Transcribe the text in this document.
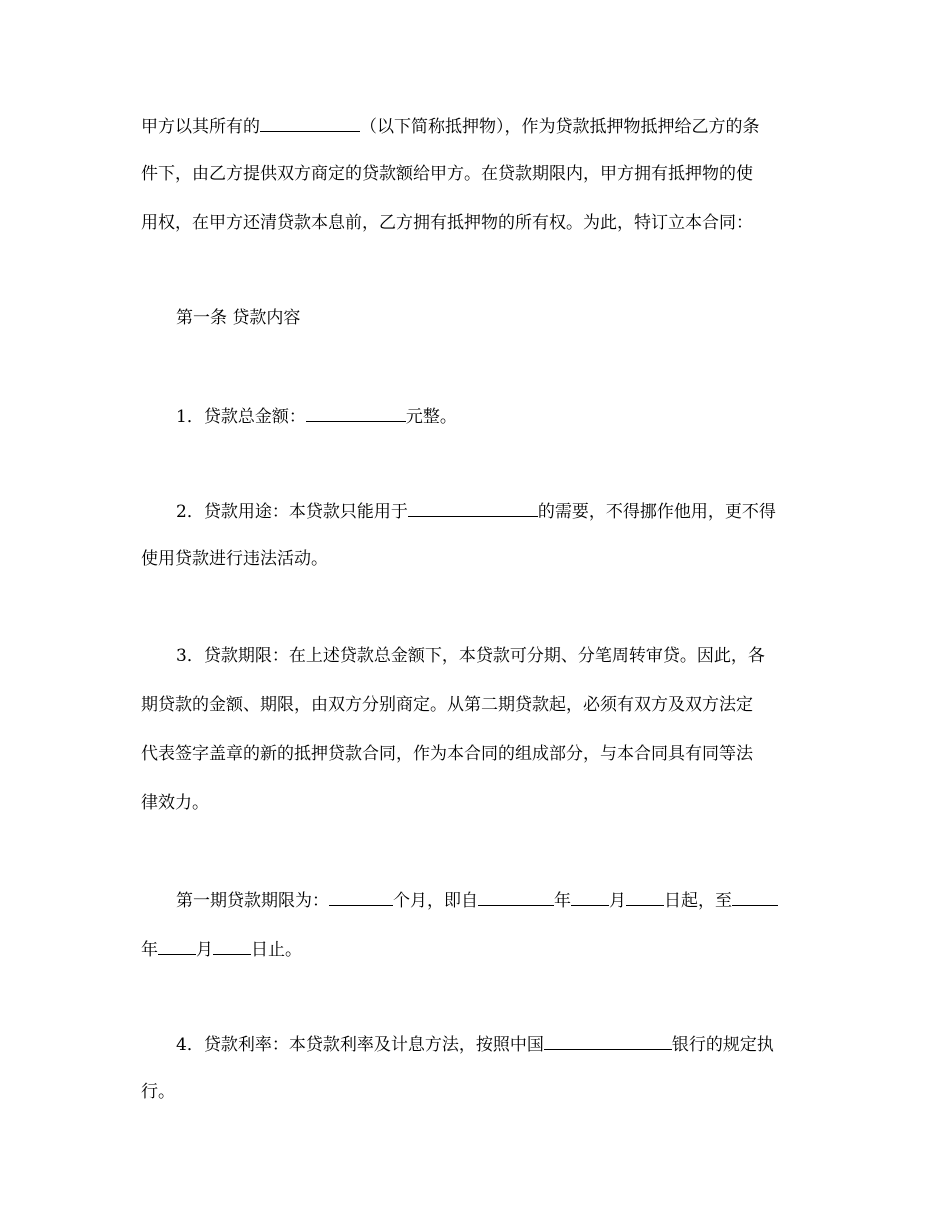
甲方以其所有的	（以下简称抵押物），作为贷款抵押物抵押给乙方的条
件下，由乙方提供双方商定的贷款额给甲方。在贷款期限内，甲方拥有抵押物的使
用权，在甲方还清贷款本息前，乙方拥有抵押物的所有权。为此，特订立本合同：
第一条 贷款内容
1．贷款总金额：	元整。
2．贷款用途：本贷款只能用于	的需要，不得挪作他用，更不得
使用贷款进行违法活动。
3．贷款期限：在上述贷款总金额下，本贷款可分期、分笔周转审贷。因此，各
期贷款的金额、期限，由双方分别商定。从第二期贷款起，必须有双方及双方法定
代表签字盖章的新的抵押贷款合同，作为本合同的组成部分，与本合同具有同等法
律效力。
第一期贷款期限为：	个月，即自	年 月 日起，至
年 月 日止。
4．贷款利率：本贷款利率及计息方法，按照中国	银行的规定执
行。
